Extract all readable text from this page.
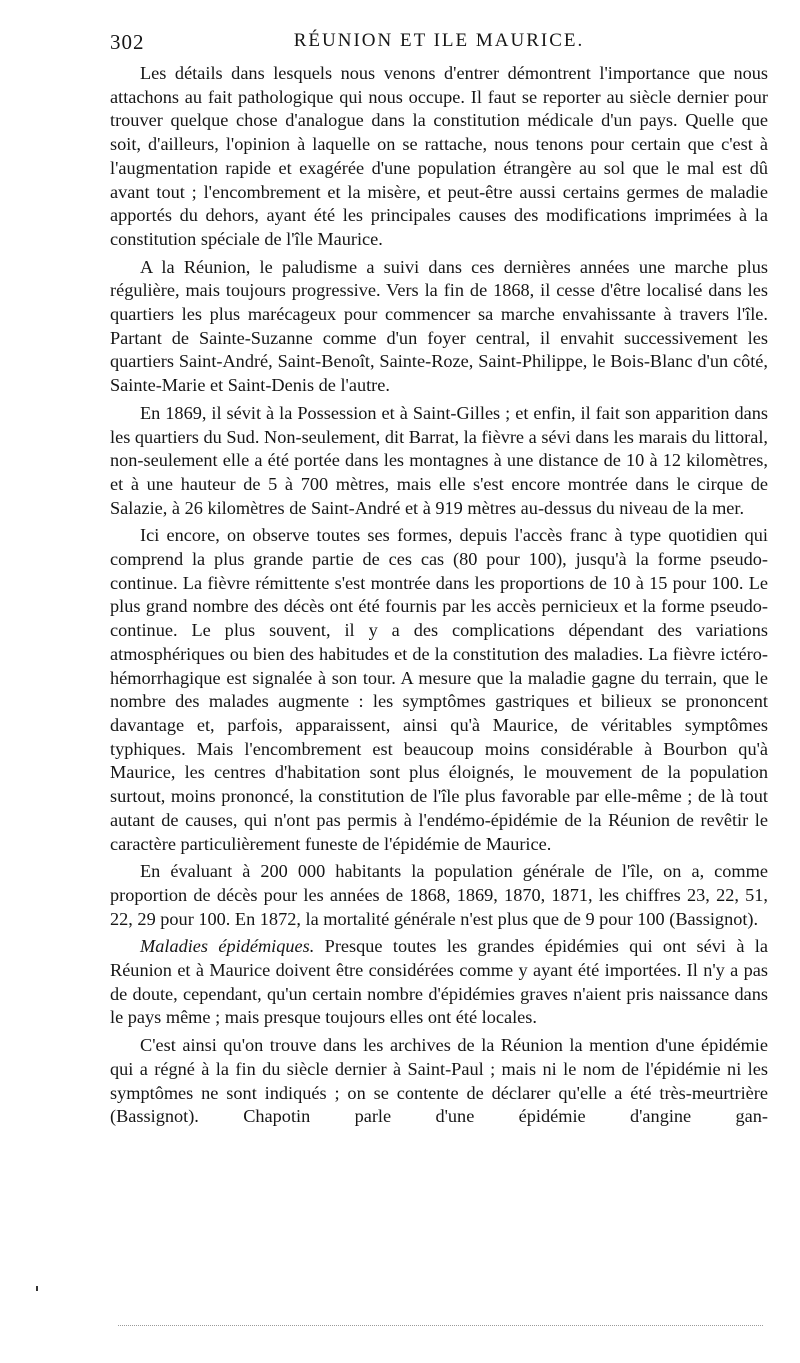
302	RÉUNION ET ILE MAURICE.

Les détails dans lesquels nous venons d'entrer démontrent l'importance que nous attachons au fait pathologique qui nous occupe. Il faut se reporter au siècle dernier pour trouver quelque chose d'analogue dans la constitution médicale d'un pays. Quelle que soit, d'ailleurs, l'opinion à laquelle on se rattache, nous tenons pour certain que c'est à l'augmentation rapide et exagérée d'une population étrangère au sol que le mal est dû avant tout ; l'encombrement et la misère, et peut-être aussi certains germes de maladie apportés du dehors, ayant été les principales causes des modifications imprimées à la constitution spéciale de l'île Maurice.

A la Réunion, le paludisme a suivi dans ces dernières années une marche plus régulière, mais toujours progressive. Vers la fin de 1868, il cesse d'être localisé dans les quartiers les plus marécageux pour commencer sa marche envahissante à travers l'île. Partant de Sainte-Suzanne comme d'un foyer central, il envahit successivement les quartiers Saint-André, Saint-Benoît, Sainte-Roze, Saint-Philippe, le Bois-Blanc d'un côté, Sainte-Marie et Saint-Denis de l'autre.

En 1869, il sévit à la Possession et à Saint-Gilles ; et enfin, il fait son apparition dans les quartiers du Sud. Non-seulement, dit Barrat, la fièvre a sévi dans les marais du littoral, non-seulement elle a été portée dans les montagnes à une distance de 10 à 12 kilomètres, et à une hauteur de 5 à 700 mètres, mais elle s'est encore montrée dans le cirque de Salazie, à 26 kilomètres de Saint-André et à 919 mètres au-dessus du niveau de la mer.

Ici encore, on observe toutes ses formes, depuis l'accès franc à type quotidien qui comprend la plus grande partie de ces cas (80 pour 100), jusqu'à la forme pseudo-continue. La fièvre rémittente s'est montrée dans les proportions de 10 à 15 pour 100. Le plus grand nombre des décès ont été fournis par les accès pernicieux et la forme pseudo-continue. Le plus souvent, il y a des complications dépendant des variations atmosphériques ou bien des habitudes et de la constitution des maladies. La fièvre ictéro-hémorrhagique est signalée à son tour. A mesure que la maladie gagne du terrain, que le nombre des malades augmente : les symptômes gastriques et bilieux se prononcent davantage et, parfois, apparaissent, ainsi qu'à Maurice, de véritables symptômes typhiques. Mais l'encombrement est beaucoup moins considérable à Bourbon qu'à Maurice, les centres d'habitation sont plus éloignés, le mouvement de la population surtout, moins prononcé, la constitution de l'île plus favorable par elle-même ; de là tout autant de causes, qui n'ont pas permis à l'endémo-épidémie de la Réunion de revêtir le caractère particulièrement funeste de l'épidémie de Maurice.

En évaluant à 200 000 habitants la population générale de l'île, on a, comme proportion de décès pour les années de 1868, 1869, 1870, 1871, les chiffres 23, 22, 51, 22, 29 pour 100. En 1872, la mortalité générale n'est plus que de 9 pour 100 (Bassignot).

Maladies épidémiques. Presque toutes les grandes épidémies qui ont sévi à la Réunion et à Maurice doivent être considérées comme y ayant été importées. Il n'y a pas de doute, cependant, qu'un certain nombre d'épidémies graves n'aient pris naissance dans le pays même ; mais presque toujours elles ont été locales.

C'est ainsi qu'on trouve dans les archives de la Réunion la mention d'une épidémie qui a régné à la fin du siècle dernier à Saint-Paul ; mais ni le nom de l'épidémie ni les symptômes ne sont indiqués ; on se contente de déclarer qu'elle a été très-meurtrière (Bassignot). Chapotin parle d'une épidémie d'angine gan-
